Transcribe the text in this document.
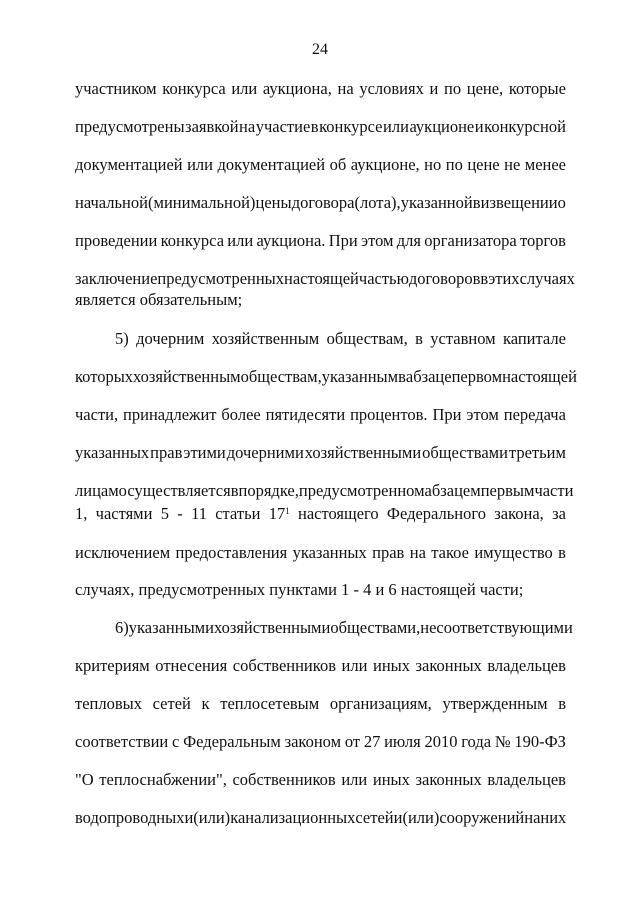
24
участником конкурса или аукциона, на условиях и по цене, которые
предусмотрены заявкой на участие в конкурсе или аукционе и конкурсной
документацией или документацией об аукционе, но по цене не менее
начальной (минимальной) цены договора (лота), указанной в извещении о
проведении конкурса или аукциона. При этом для организатора торгов
заключение предусмотренных настоящей частью договоров в этих случаях
является обязательным;
5) дочерним хозяйственным обществам, в уставном капитале
которых хозяйственным обществам, указанным в абзаце первом настоящей
части, принадлежит более пятидесяти процентов. При этом передача
указанных прав этими дочерними хозяйственными обществами третьим
лицам осуществляется в порядке, предусмотренном абзацем первым части
1, частями 5 - 11 статьи $17^1$ настоящего Федерального закона, за
исключением предоставления указанных прав на такое имущество в
случаях, предусмотренных пунктами 1 - 4 и 6 настоящей части;
6) указанными хозяйственными обществами, не соответствующими
критериям отнесения собственников или иных законных владельцев
тепловых сетей к теплосетевым организациям, утвержденным в
соответствии с Федеральным законом от 27 июля 2010 года № 190-ФЗ
"О теплоснабжении", собственников или иных законных владельцев
водопроводных и (или) канализационных сетей и (или) сооружений на них
